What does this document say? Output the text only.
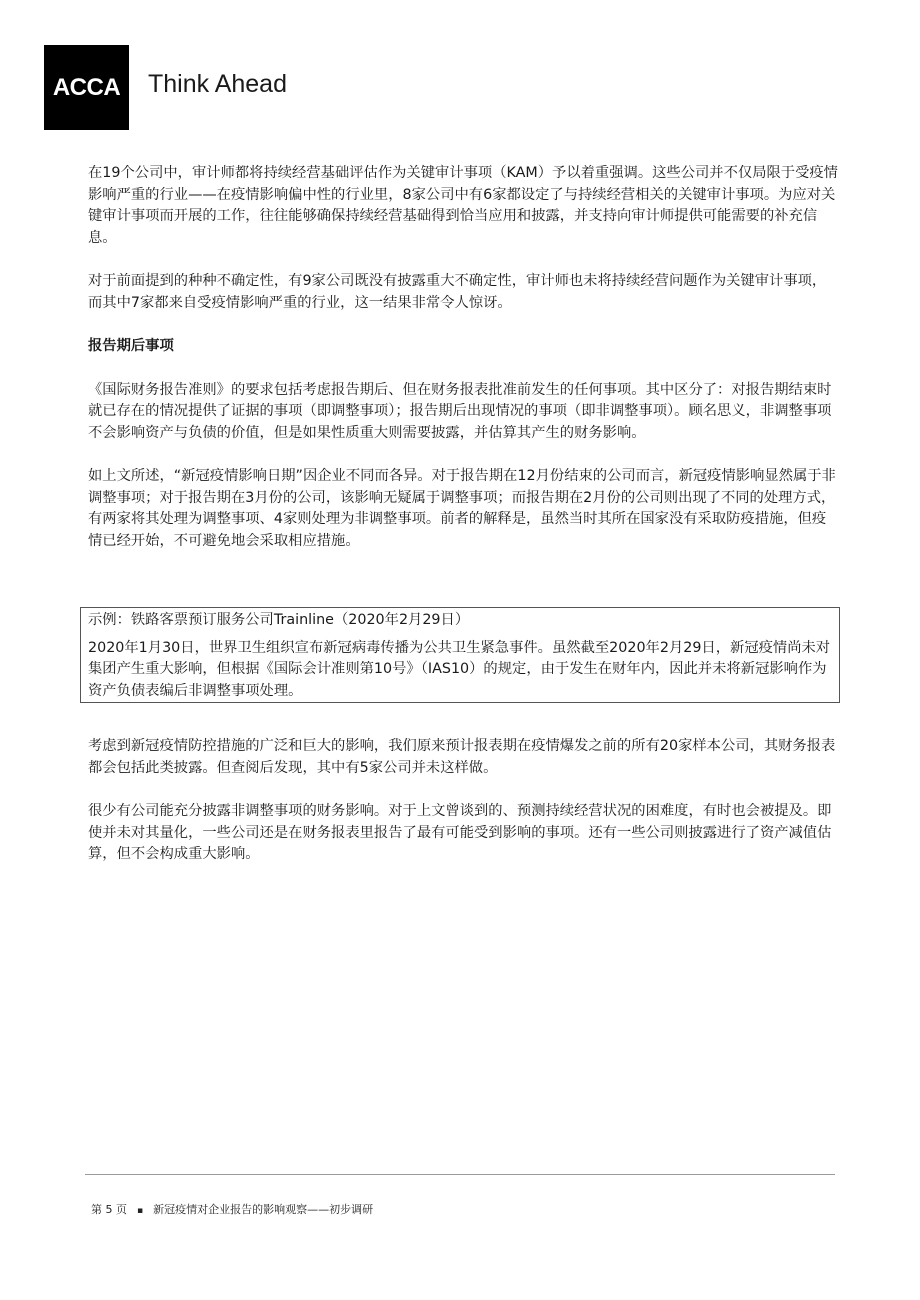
ACCA Think Ahead

在19个公司中，审计师都将持续经营基础评估作为关键审计事项（KAM）予以着重强调。这些公司并不仅局限于受疫情影响严重的行业——在疫情影响偏中性的行业里，8家公司中有6家都设定了与持续经营相关的关键审计事项。为应对关键审计事项而开展的工作，往往能够确保持续经营基础得到恰当应用和披露，并支持向审计师提供可能需要的补充信息。

对于前面提到的种种不确定性，有9家公司既没有披露重大不确定性，审计师也未将持续经营问题作为关键审计事项，而其中7家都来自受疫情影响严重的行业，这一结果非常令人惊讶。

报告期后事项

《国际财务报告准则》的要求包括考虑报告期后、但在财务报表批准前发生的任何事项。其中区分了：对报告期结束时就已存在的情况提供了证据的事项（即调整事项）；报告期后出现情况的事项（即非调整事项）。顾名思义，非调整事项不会影响资产与负债的价值，但是如果性质重大则需要披露，并估算其产生的财务影响。

如上文所述，“新冠疫情影响日期”因企业不同而各异。对于报告期在12月份结束的公司而言，新冠疫情影响显然属于非调整事项；对于报告期在3月份的公司，该影响无疑属于调整事项；而报告期在2月份的公司则出现了不同的处理方式，有两家将其处理为调整事项、4家则处理为非调整事项。前者的解释是，虽然当时其所在国家没有采取防疫措施，但疫情已经开始，不可避免地会采取相应措施。

示例：铁路客票预订服务公司Trainline（2020年2月29日）

2020年1月30日，世界卫生组织宣布新冠病毒传播为公共卫生紧急事件。虽然截至2020年2月29日，新冠疫情尚未对集团产生重大影响，但根据《国际会计准则第10号》（IAS10）的规定，由于发生在财年内，因此并未将新冠影响作为资产负债表编后非调整事项处理。

考虑到新冠疫情防控措施的广泛和巨大的影响，我们原来预计报表期在疫情爆发之前的所有20家样本公司，其财务报表都会包括此类披露。但查阅后发现，其中有5家公司并未这样做。

很少有公司能充分披露非调整事项的财务影响。对于上文曾谈到的、预测持续经营状况的困难度，有时也会被提及。即使并未对其量化，一些公司还是在财务报表里报告了最有可能受到影响的事项。还有一些公司则披露进行了资产减值估算，但不会构成重大影响。

第 5 页 ▪ 新冠疫情对企业报告的影响观察——初步调研
